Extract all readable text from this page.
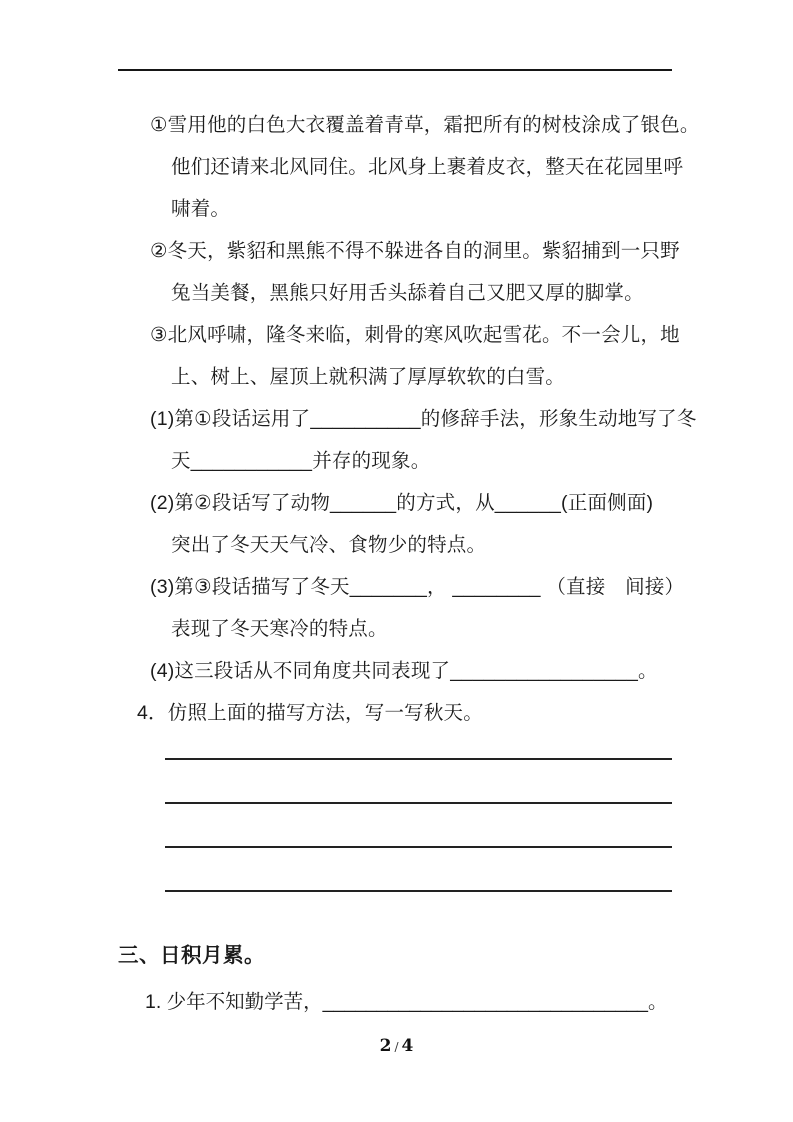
①雪用他的白色大衣覆盖着青草，霜把所有的树枝涂成了银色。
他们还请来北风同住。北风身上裹着皮衣，整天在花园里呼
啸着。
②冬天，紫貂和黑熊不得不躲进各自的洞里。紫貂捕到一只野
兔当美餐，黑熊只好用舌头舔着自己又肥又厚的脚掌。
③北风呼啸，隆冬来临，刺骨的寒风吹起雪花。不一会儿，地
上、树上、屋顶上就积满了厚厚软软的白雪。
(1)第①段话运用了__________的修辞手法，形象生动地写了冬
天___________并存的现象。
(2)第②段话写了动物______的方式，从______(正面侧面)
突出了冬天天气冷、食物少的特点。
(3)第③段话描写了冬天_______， ________ （直接　间接）
表现了冬天寒冷的特点。
(4)这三段话从不同角度共同表现了_________________。
4．仿照上面的描写方法，写一写秋天。
三、日积月累。
1. 少年不知勤学苦，______________________________。
2 / 4
